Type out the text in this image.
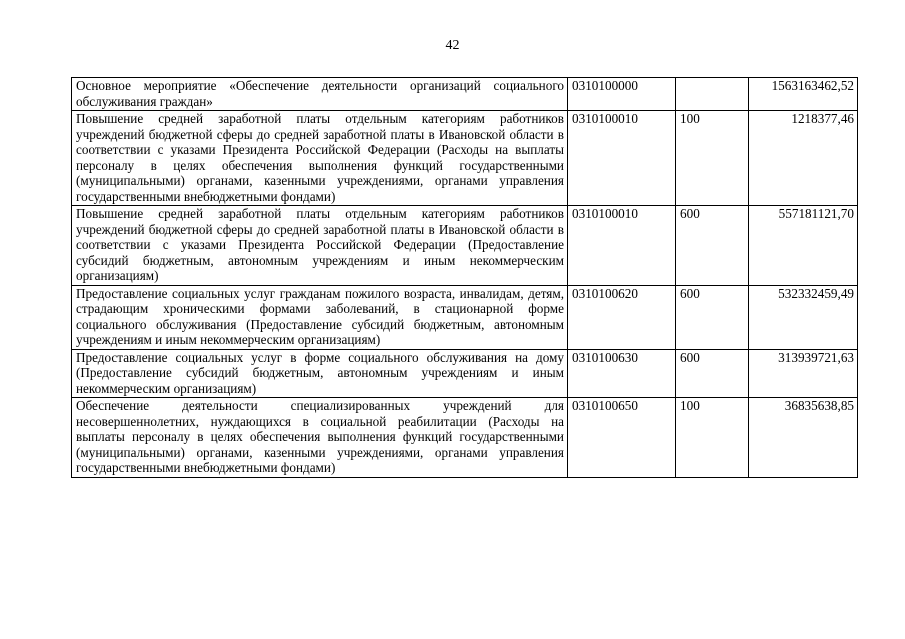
42
Основное мероприятие «Обеспечение деятельности организаций социального обслуживания граждан»	0310100000		1563163462,52
Повышение средней заработной платы отдельным категориям работников учреждений бюджетной сферы до средней заработной платы в Ивановской области в соответствии с указами Президента Российской Федерации (Расходы на выплаты персоналу в целях обеспечения выполнения функций государственными (муниципальными) органами, казенными учреждениями, органами управления государственными внебюджетными фондами)	0310100010	100	1218377,46
Повышение средней заработной платы отдельным категориям работников учреждений бюджетной сферы до средней заработной платы в Ивановской области в соответствии с указами Президента Российской Федерации (Предоставление субсидий бюджетным, автономным учреждениям и иным некоммерческим организациям)	0310100010	600	557181121,70
Предоставление социальных услуг гражданам пожилого возраста, инвалидам, детям, страдающим хроническими формами заболеваний, в стационарной форме социального обслуживания (Предоставление субсидий бюджетным, автономным учреждениям и иным некоммерческим организациям)	0310100620	600	532332459,49
Предоставление социальных услуг в форме социального обслуживания на дому (Предоставление субсидий бюджетным, автономным учреждениям и иным некоммерческим организациям)	0310100630	600	313939721,63
Обеспечение деятельности специализированных учреждений для несовершеннолетних, нуждающихся в социальной реабилитации (Расходы на выплаты персоналу в целях обеспечения выполнения функций государственными (муниципальными) органами, казенными учреждениями, органами управления государственными внебюджетными фондами)	0310100650	100	36835638,85
